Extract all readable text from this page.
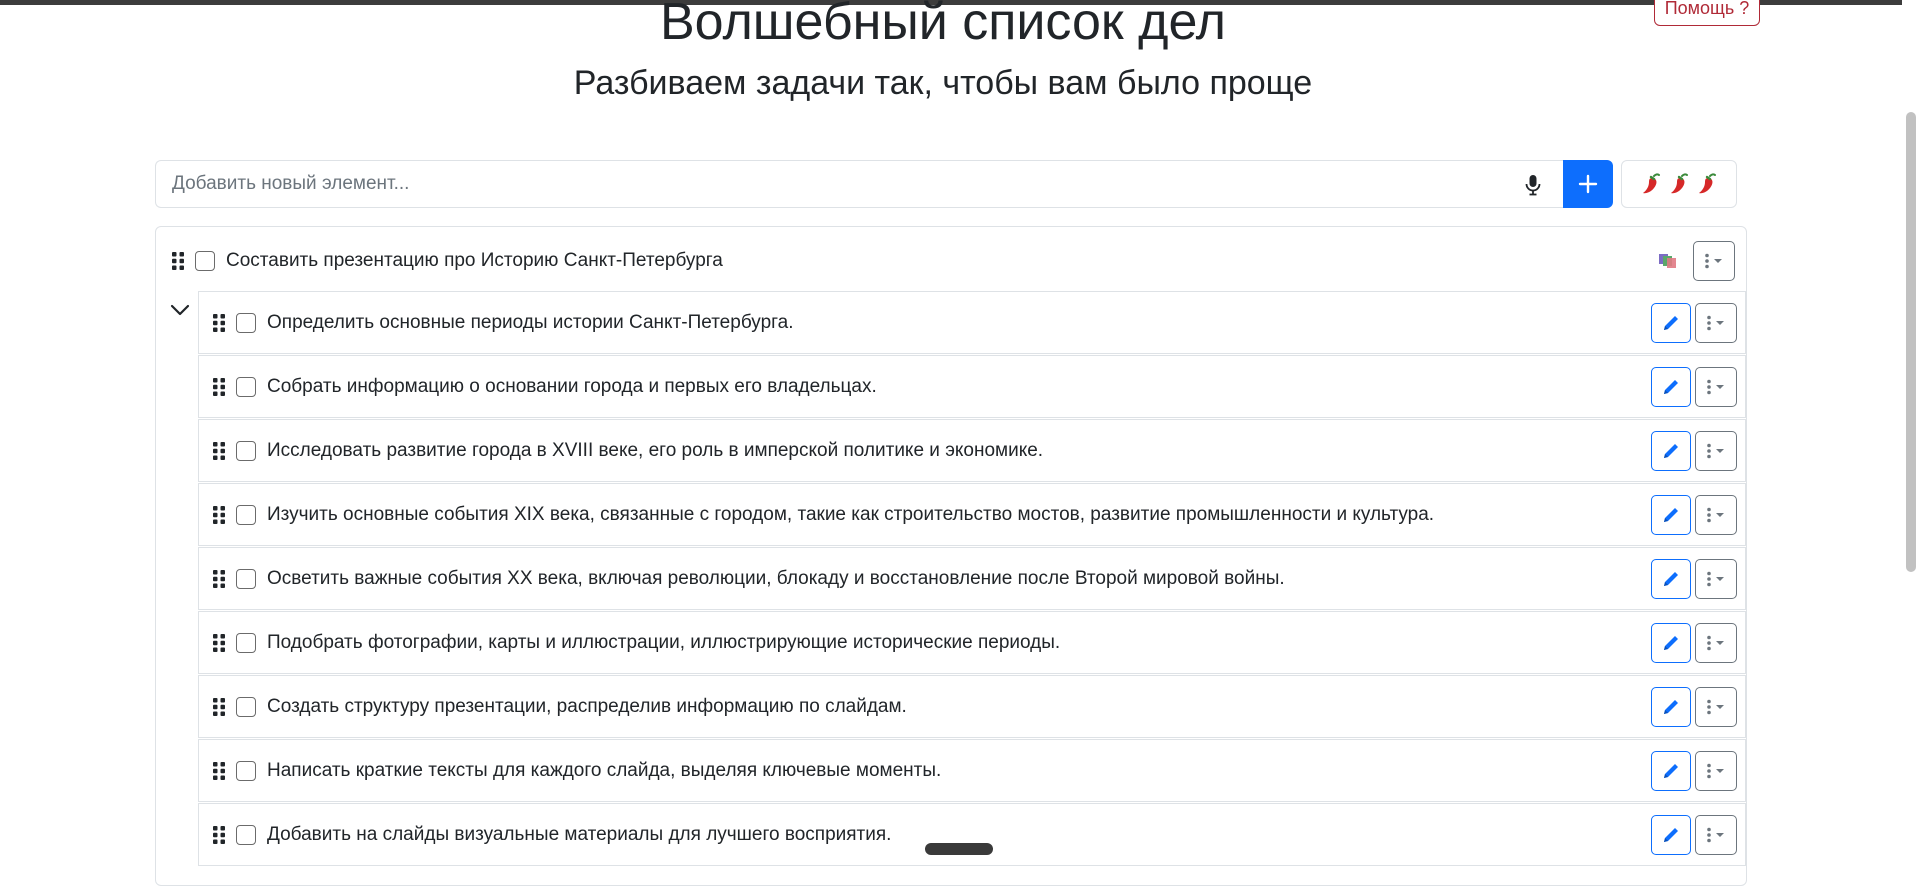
Волшебный список дел
Разбиваем задачи так, чтобы вам было проще
Помощь ?
Добавить новый элемент...
Составить презентацию про Историю Санкт-Петербурга
Определить основные периоды истории Санкт-Петербурга.
Собрать информацию о основании города и первых его владельцах.
Исследовать развитие города в XVIII веке, его роль в имперской политике и экономике.
Изучить основные события XIX века, связанные с городом, такие как строительство мостов, развитие промышленности и культура.
Осветить важные события XX века, включая революции, блокаду и восстановление после Второй мировой войны.
Подобрать фотографии, карты и иллюстрации, иллюстрирующие исторические периоды.
Создать структуру презентации, распределив информацию по слайдам.
Написать краткие тексты для каждого слайда, выделяя ключевые моменты.
Добавить на слайды визуальные материалы для лучшего восприятия.
